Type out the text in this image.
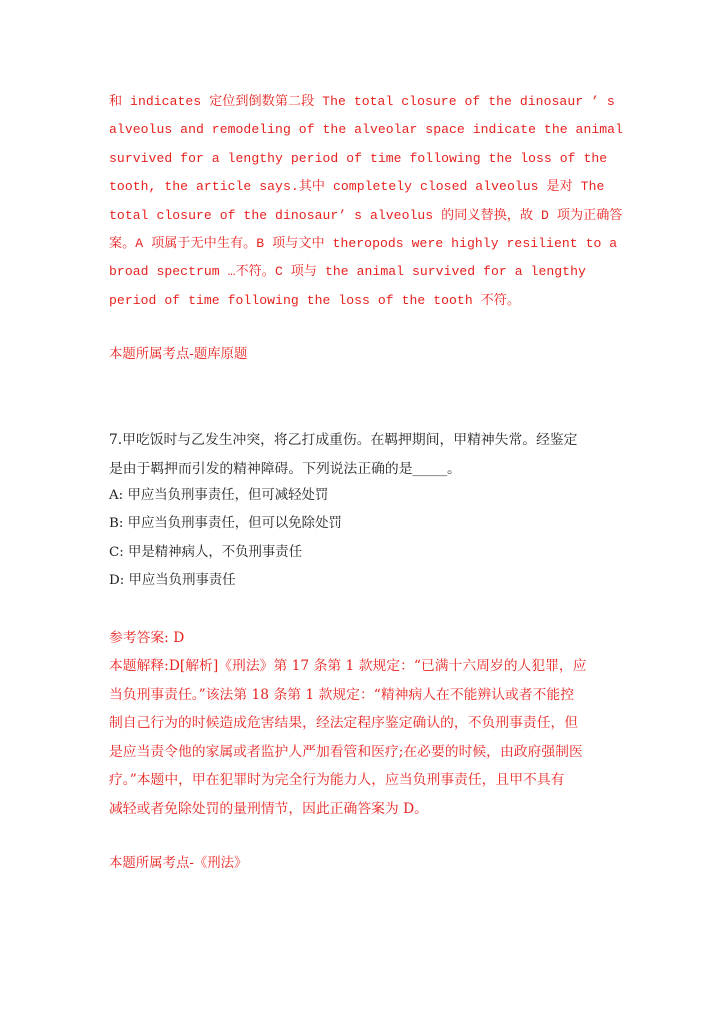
和 indicates 定位到倒数第二段 The total closure of the dinosaur ’ s
alveolus and remodeling of the alveolar space indicate the animal
survived for a lengthy period of time following the loss of the
tooth, the article says.其中 completely closed alveolus 是对 The
total closure of the dinosaur’ s alveolus 的同义替换，故 D 项为正确答
案。A 项属于无中生有。B 项与文中 theropods were highly resilient to a
broad spectrum …不符。C 项与 the animal survived for a lengthy
period of time following the loss of the tooth 不符。
本题所属考点-题库原题
7.甲吃饭时与乙发生冲突，将乙打成重伤。在羁押期间，甲精神失常。经鉴定
是由于羁押而引发的精神障碍。下列说法正确的是_____。
A: 甲应当负刑事责任，但可减轻处罚
B: 甲应当负刑事责任，但可以免除处罚
C: 甲是精神病人，不负刑事责任
D: 甲应当负刑事责任
参考答案: D
本题解释:D[解析]《刑法》第 17 条第 1 款规定：“已满十六周岁的人犯罪，应
当负刑事责任。”该法第 18 条第 1 款规定：“精神病人在不能辨认或者不能控
制自己行为的时候造成危害结果，经法定程序鉴定确认的，不负刑事责任，但
是应当责令他的家属或者监护人严加看管和医疗;在必要的时候，由政府强制医
疗。”本题中，甲在犯罪时为完全行为能力人，应当负刑事责任，且甲不具有
减轻或者免除处罚的量刑情节，因此正确答案为 D。
本题所属考点-《刑法》
